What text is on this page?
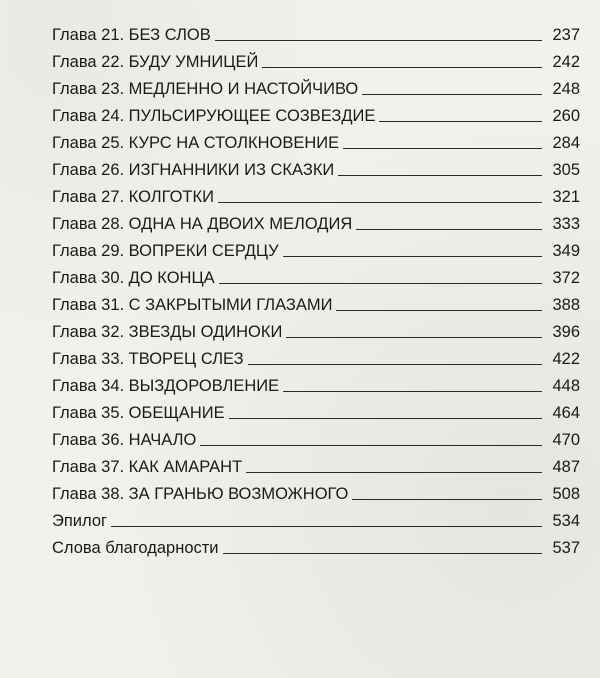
Глава 21. БЕЗ СЛОВ	237
Глава 22. БУДУ УМНИЦЕЙ	242
Глава 23. МЕДЛЕННО И НАСТОЙЧИВО	248
Глава 24. ПУЛЬСИРУЮЩЕЕ СОЗВЕЗДИЕ	260
Глава 25. КУРС НА СТОЛКНОВЕНИЕ	284
Глава 26. ИЗГНАННИКИ ИЗ СКАЗКИ	305
Глава 27. КОЛГОТКИ	321
Глава 28. ОДНА НА ДВОИХ МЕЛОДИЯ	333
Глава 29. ВОПРЕКИ СЕРДЦУ	349
Глава 30. ДО КОНЦА	372
Глава 31. С ЗАКРЫТЫМИ ГЛАЗАМИ	388
Глава 32. ЗВЕЗДЫ ОДИНОКИ	396
Глава 33. ТВОРЕЦ СЛЕЗ	422
Глава 34. ВЫЗДОРОВЛЕНИЕ	448
Глава 35. ОБЕЩАНИЕ	464
Глава 36. НАЧАЛО	470
Глава 37. КАК АМАРАНТ	487
Глава 38. ЗА ГРАНЬЮ ВОЗМОЖНОГО	508
Эпилог	534
Слова благодарности	537
